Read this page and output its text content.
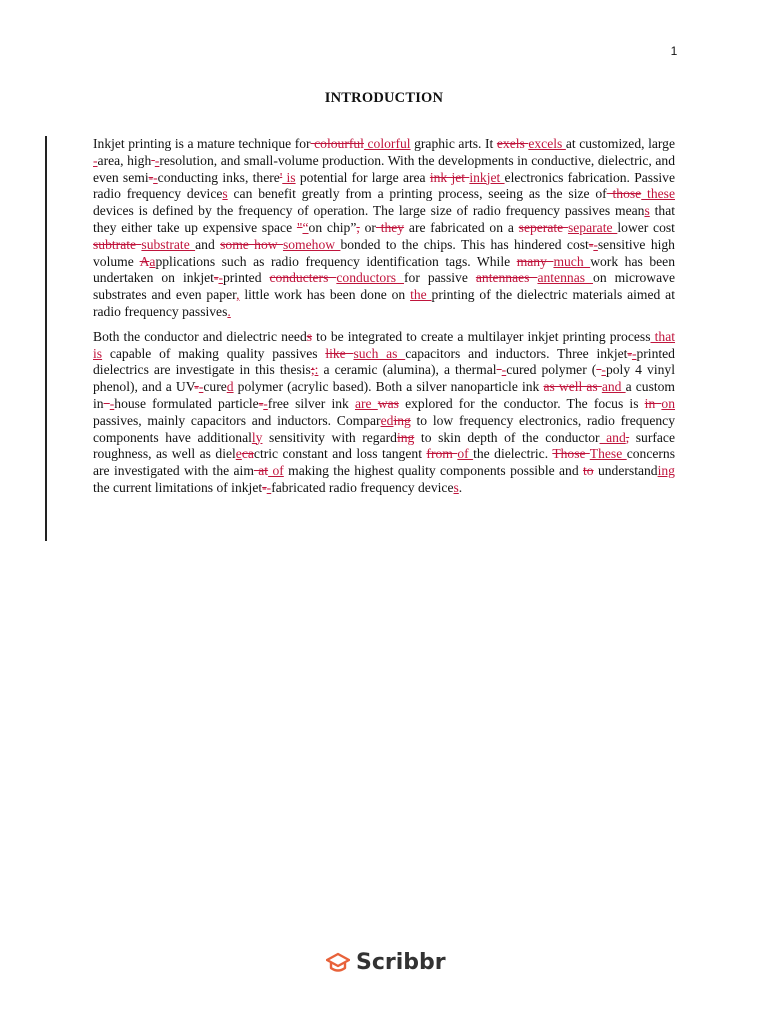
1
INTRODUCTION

Inkjet printing is a mature technique for colourful colorful graphic arts. It exels excels at customized, large -area, high -resolution, and small-volume production. With the developments in conductive, dielectric, and even semi--conducting inks, there' is potential for large area ink jet inkjet electronics fabrication. Passive radio frequency devices can benefit greatly from a printing process, seeing as the size of those these devices is defined by the frequency of operation. The large size of radio frequency passives means that they either take up expensive space "“on chip”, or they are fabricated on a seperate separate lower cost subtrate substrate and some how somehow bonded to the chips. This has hindered cost--sensitive high volume Aapplications such as radio frequency identification tags. While many much work has been undertaken on inkjet--printed conducters conductors for passive antennaes antennas on microwave substrates and even paper, little work has been done on the printing of the dielectric materials aimed at radio frequency passives.

Both the conductor and dielectric needs to be integrated to create a multilayer inkjet printing process that is capable of making quality passives like such as capacitors and inductors. Three inkjet--printed dielectrics are investigate in this thesis;: a ceramic (alumina), a thermal -cured polymer ( -poly 4 vinyl phenol), and a UV--cured polymer (acrylic based). Both a silver nanoparticle ink as well as and a custom in -house formulated particle--free silver ink are was explored for the conductor. The focus is in on passives, mainly capacitors and inductors. Compareding to low frequency electronics, radio frequency components have additionally sensitivity with regarding to skin depth of the conductor and, surface roughness, as well as dielecactric constant and loss tangent from of the dielectric. Those These concerns are investigated with the aim at of making the highest quality components possible and to understanding the current limitations of inkjet--fabricated radio frequency devices.

Scribbr
